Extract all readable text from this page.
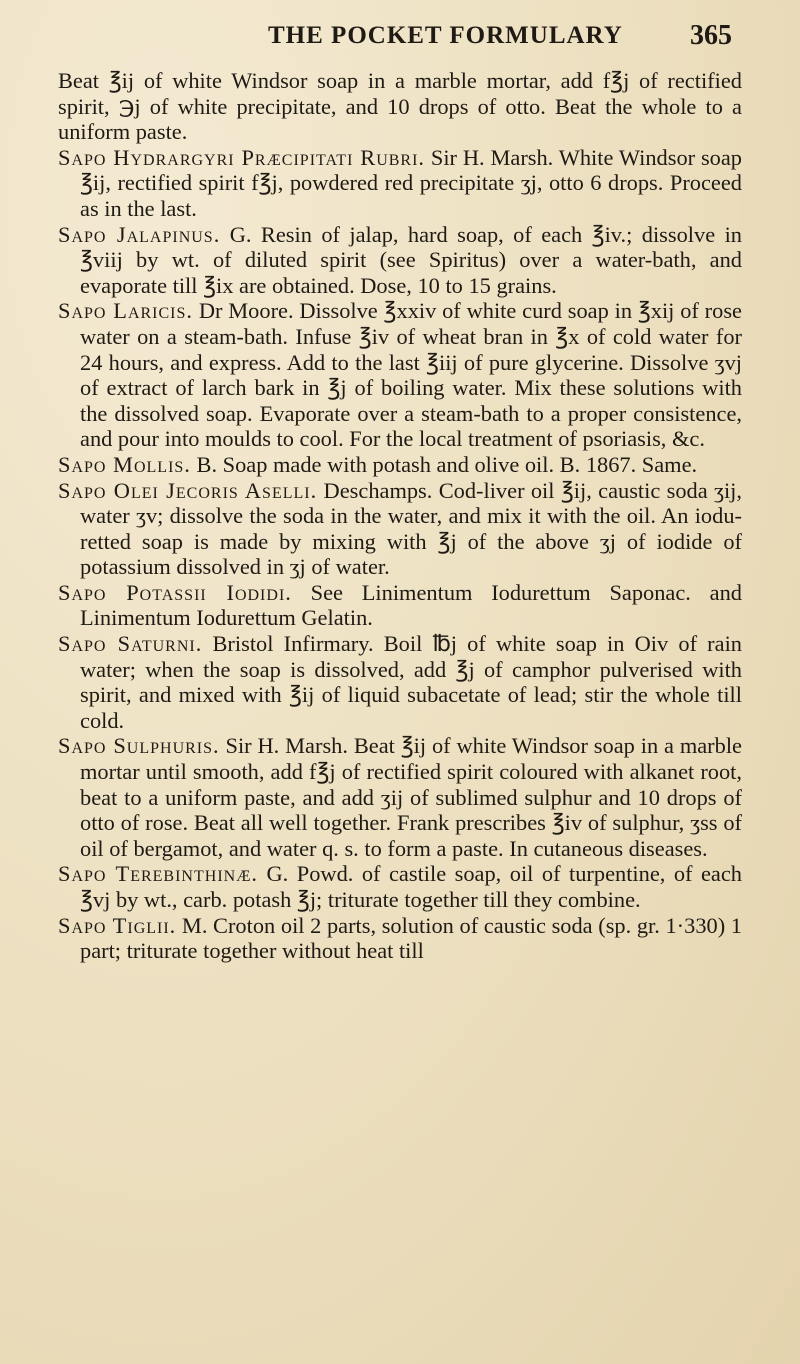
THE POCKET FORMULARY 365

Beat ℥ij of white Windsor soap in a marble mortar, add f℥j of rectified spirit, ℈j of white precipitate, and 10 drops of otto. Beat the whole to a uniform paste.

Sapo Hydrargyri Præcipitati Rubri. Sir H. Marsh. White Windsor soap ℥ij, rectified spirit f℥j, powdered red precipitate ʒj, otto 6 drops. Proceed as in the last.

Sapo Jalapinus. G. Resin of jalap, hard soap, of each ℥iv.; dissolve in ℥viij by wt. of diluted spirit (see Spiritus) over a water-bath, and evaporate till ℥ix are obtained. Dose, 10 to 15 grains.

Sapo Laricis. Dr Moore. Dissolve ℥xxiv of white curd soap in ℥xij of rose water on a steam-bath. Infuse ℥iv of wheat bran in ℥x of cold water for 24 hours, and express. Add to the last ℥iij of pure glycerine. Dissolve ʒvj of extract of larch bark in ℥j of boiling water. Mix these solutions with the dissolved soap. Evaporate over a steam-bath to a proper consistence, and pour into moulds to cool. For the local treatment of psoriasis, &c.

Sapo Mollis. B. Soap made with potash and olive oil. B. 1867. Same.

Sapo Olei Jecoris Aselli. Deschamps. Cod-liver oil ℥ij, caustic soda ʒij, water ʒv; dissolve the soda in the water, and mix it with the oil. An ioduretted soap is made by mixing with ℥j of the above ʒj of iodide of potassium dissolved in ʒj of water.

Sapo Potassii Iodidi. See Linimentum Iodurettum Saponac. and Linimentum Iodurettum Gelatin.

Sapo Saturni. Bristol Infirmary. Boil ℔j of white soap in Oiv of rain water; when the soap is dissolved, add ℥j of camphor pulverised with spirit, and mixed with ℥ij of liquid subacetate of lead; stir the whole till cold.

Sapo Sulphuris. Sir H. Marsh. Beat ℥ij of white Windsor soap in a marble mortar until smooth, add f℥j of rectified spirit coloured with alkanet root, beat to a uniform paste, and add ʒij of sublimed sulphur and 10 drops of otto of rose. Beat all well together. Frank prescribes ℥iv of sulphur, ʒss of oil of bergamot, and water q. s. to form a paste. In cutaneous diseases.

Sapo Terebinthinæ. G. Powd. of castile soap, oil of turpentine, of each ℥vj by wt., carb. potash ℥j; triturate together till they combine.

Sapo Tiglii. M. Croton oil 2 parts, solution of caustic soda (sp. gr. 1·330) 1 part; triturate together without heat till
